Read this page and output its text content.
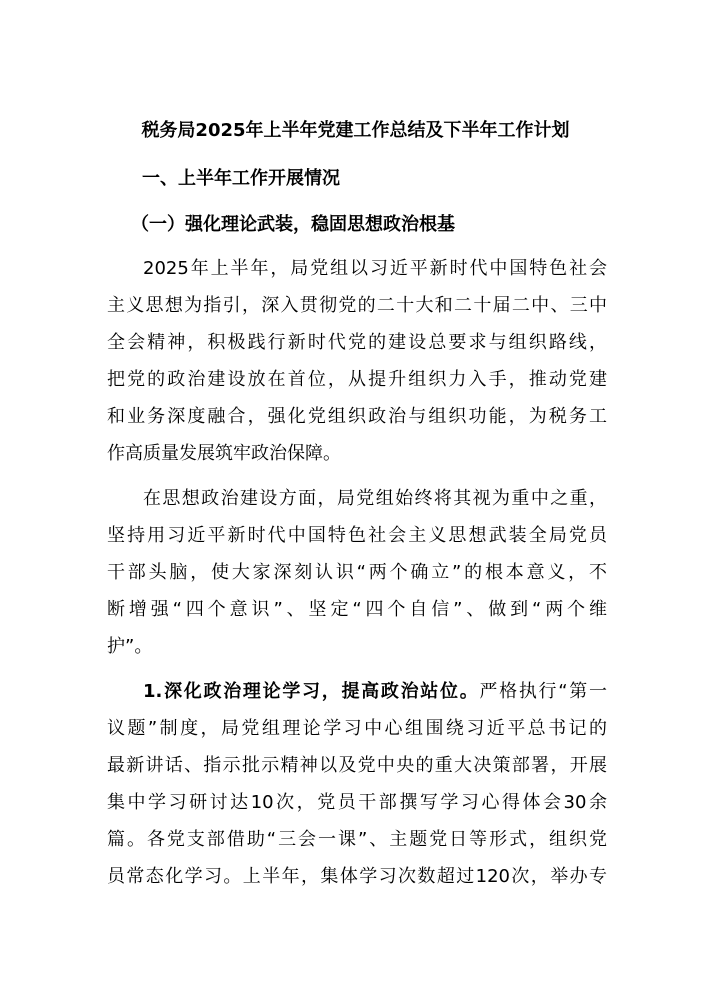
税务局2025年上半年党建工作总结及下半年工作计划
一、上半年工作开展情况
（一）强化理论武装，稳固思想政治根基
2025年上半年，局党组以习近平新时代中国特色社会
主义思想为指引，深入贯彻党的二十大和二十届二中、三中
全会精神，积极践行新时代党的建设总要求与组织路线，
把党的政治建设放在首位，从提升组织力入手，推动党建
和业务深度融合，强化党组织政治与组织功能，为税务工
作高质量发展筑牢政治保障。
在思想政治建设方面，局党组始终将其视为重中之重，
坚持用习近平新时代中国特色社会主义思想武装全局党员
干部头脑，使大家深刻认识“两个确立”的根本意义，不
断增强“四个意识”、坚定“四个自信”、做到“两个维
护”。
1.深化政治理论学习，提高政治站位。严格执行“第一
议题”制度，局党组理论学习中心组围绕习近平总书记的
最新讲话、指示批示精神以及党中央的重大决策部署，开展
集中学习研讨达10次，党员干部撰写学习心得体会30余
篇。各党支部借助“三会一课”、主题党日等形式，组织党
员常态化学习。上半年，集体学习次数超过120次，举办专
